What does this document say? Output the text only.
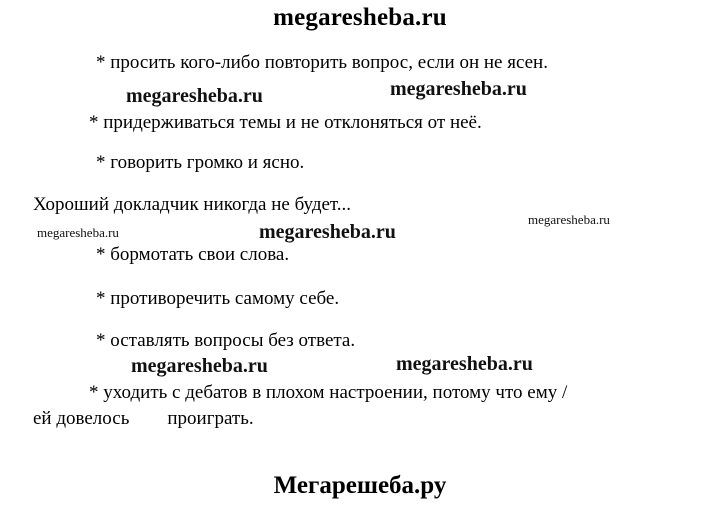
megaresheba.ru
* просить кого-либо повторить вопрос, если он не ясен.
megaresheba.ru	megaresheba.ru
* придерживаться темы и не отклоняться от неё.
* говорить громко и ясно.
Хороший докладчик никогда не будет...
megaresheba.ru	megaresheba.ru
megaresheba.ru
* бормотать свои слова.
* противоречить самому себе.
* оставлять вопросы без ответа.
megaresheba.ru	megaresheba.ru
* уходить с дебатов в плохом настроении, потому что ему /
ей довелось        проиграть.
Мегарешеба.ру
